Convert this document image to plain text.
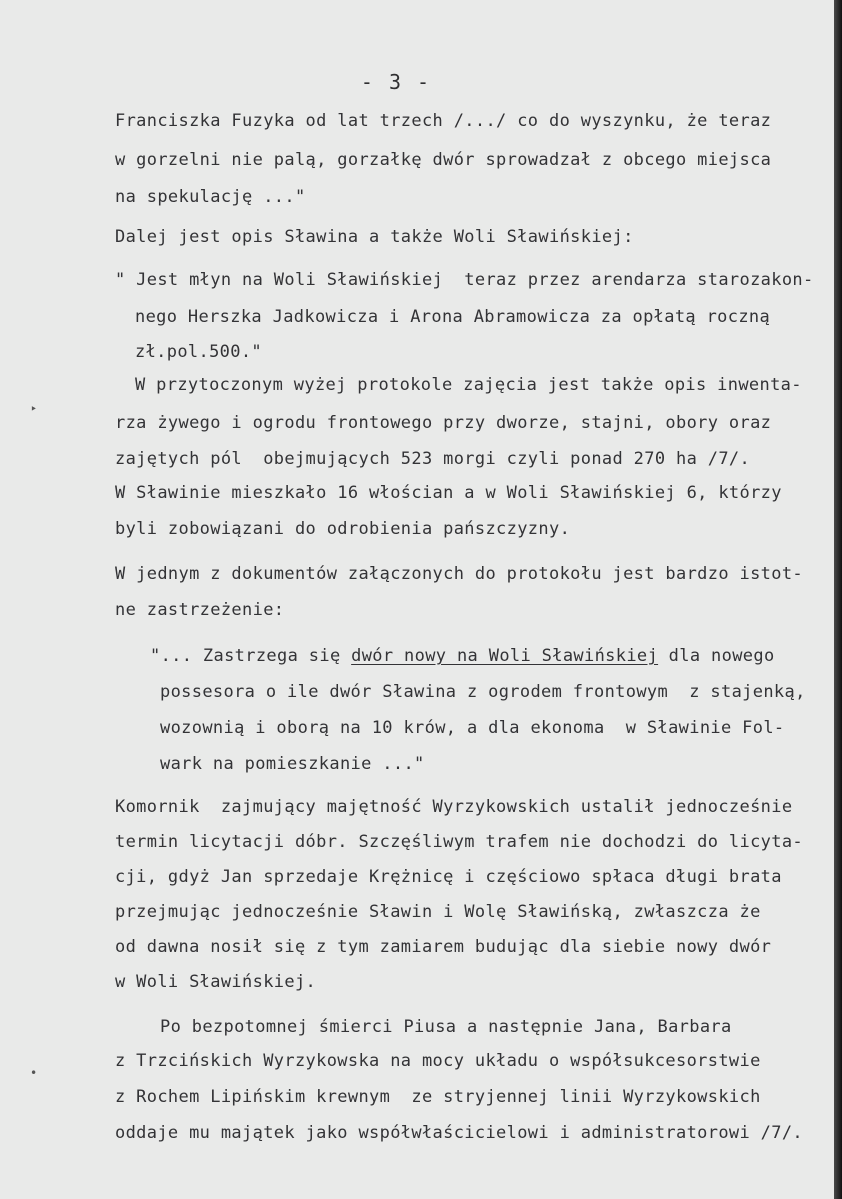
- 3 -
Franciszka Fuzyka od lat trzech /.../ co do wyszynku, że teraz
w gorzelni nie palą, gorzałkę dwór sprowadzał z obcego miejsca
na spekulację ..."
Dalej jest opis Sławina a także Woli Sławińskiej:
" Jest młyn na Woli Sławińskiej  teraz przez arendarza starozakon-
nego Herszka Jadkowicza i Arona Abramowicza za opłatą roczną
zł.pol.500."
W przytoczonym wyżej protokole zajęcia jest także opis inwenta-
rza żywego i ogrodu frontowego przy dworze, stajni, obory oraz
zajętych pól  obejmujących 523 morgi czyli ponad 270 ha /7/.
W Sławinie mieszkało 16 włościan a w Woli Sławińskiej 6, którzy
byli zobowiązani do odrobienia pańszczyzny.
W jednym z dokumentów załączonych do protokołu jest bardzo istot-
ne zastrzeżenie:
"... Zastrzega się dwór nowy na Woli Sławińskiej dla nowego
possesora o ile dwór Sławina z ogrodem frontowym  z stajenką,
wozownią i oborą na 10 krów, a dla ekonoma  w Sławinie Fol-
wark na pomieszkanie ..."
Komornik  zajmujący majętność Wyrzykowskich ustalił jednocześnie
termin licytacji dóbr. Szczęśliwym trafem nie dochodzi do licyta-
cji, gdyż Jan sprzedaje Krężnicę i częściowo spłaca długi brata
przejmując jednocześnie Sławin i Wolę Sławińską, zwłaszcza że
od dawna nosił się z tym zamiarem budując dla siebie nowy dwór
w Woli Sławińskiej.
Po bezpotomnej śmierci Piusa a następnie Jana, Barbara
z Trzcińskich Wyrzykowska na mocy układu o współsukcesorstwie
z Rochem Lipińskim krewnym  ze stryjennej linii Wyrzykowskich
oddaje mu majątek jako współwłaścicielowi i administratorowi /7/.
‣
•
